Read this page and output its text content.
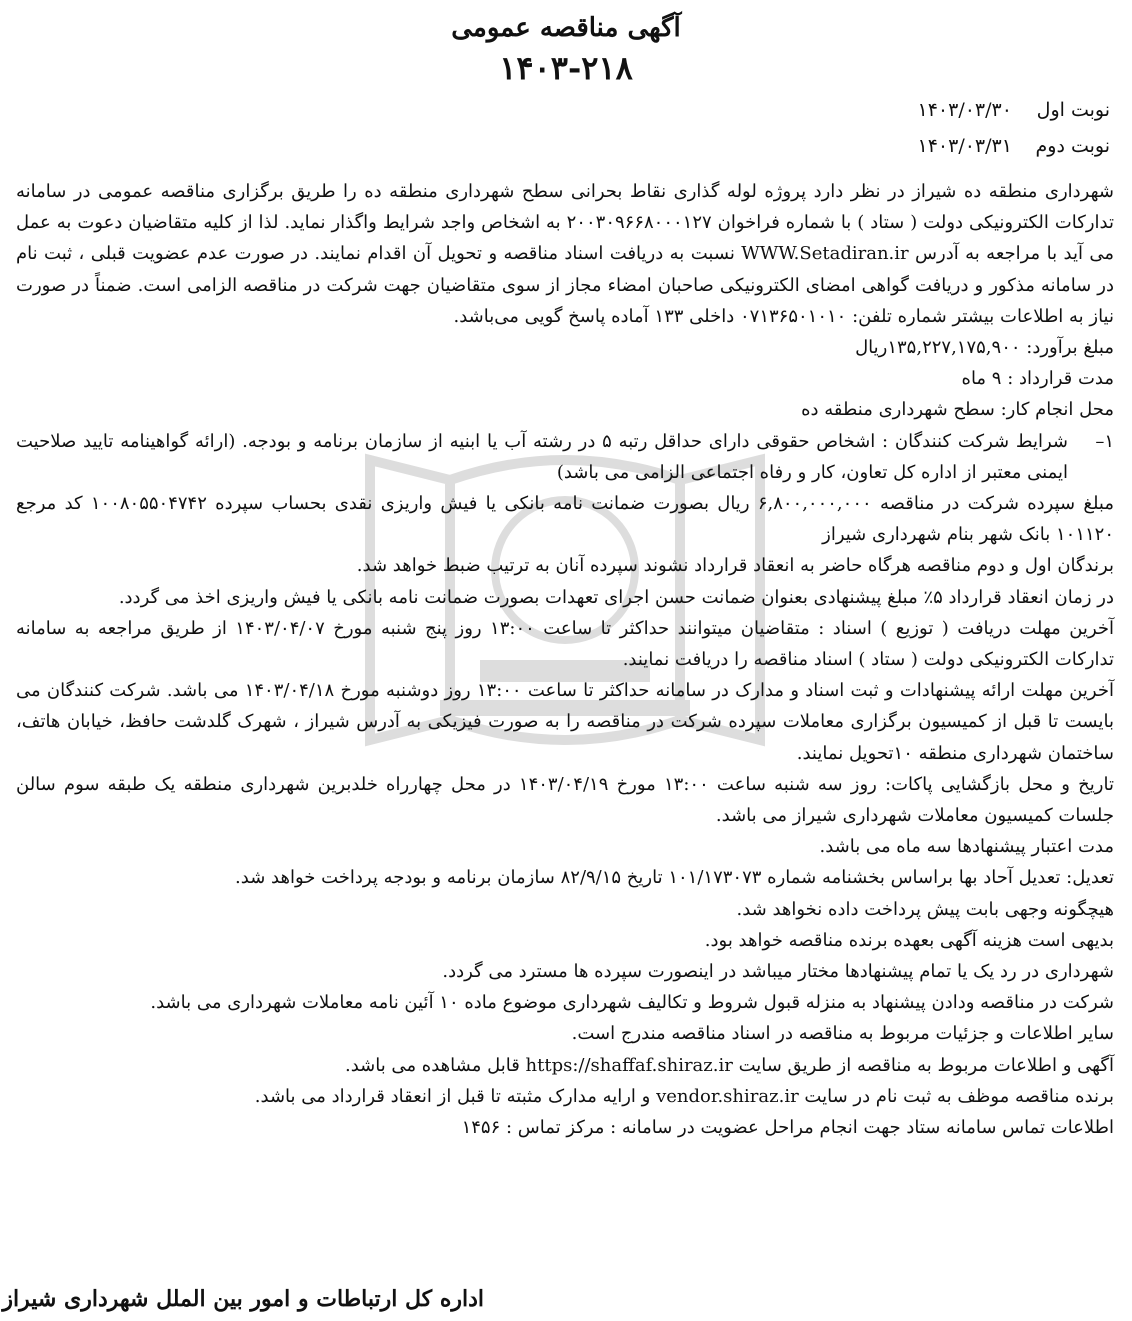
آگهی مناقصه عمومی
۱۴۰۳-۲۱۸
نوبت اول ۱۴۰۳/۰۳/۳۰
نوبت دوم ۱۴۰۳/۰۳/۳۱

شهرداری منطقه ده شیراز در نظر دارد پروژه لوله گذاری نقاط بحرانی سطح شهرداری منطقه ده را طریق برگزاری مناقصه عمومی در سامانه تدارکات الکترونیکی دولت ( ستاد ) با شماره فراخوان ۲۰۰۳۰۹۶۶۸۰۰۰۱۲۷ به اشخاص واجد شرایط واگذار نماید. لذا از کلیه متقاضیان دعوت به عمل می آید با مراجعه به آدرس WWW.Setadiran.ir نسبت به دریافت اسناد مناقصه و تحویل آن اقدام نمایند. در صورت عدم عضویت قبلی ، ثبت نام در سامانه مذکور و دریافت گواهی امضای الکترونیکی صاحبان امضاء مجاز از سوی متقاضیان جهت شرکت در مناقصه الزامی است. ضمناً در صورت نیاز به اطلاعات بیشتر شماره تلفن: ۰۷۱۳۶۵۰۱۰۱۰ داخلی ۱۳۳ آماده پاسخ گویی می‌باشد.

مبلغ برآورد: ۱۳۵,۲۲۷,۱۷۵,۹۰۰ریال

مدت قرارداد : ۹ ماه

محل انجام کار: سطح شهرداری منطقه ده

۱–
شرایط شرکت کنندگان : اشخاص حقوقی دارای حداقل رتبه ۵ در رشته آب یا ابنیه از سازمان برنامه و بودجه. (ارائه گواهینامه تایید صلاحیت ایمنی معتبر از اداره کل تعاون، کار و رفاه اجتماعی الزامی می باشد)

مبلغ سپرده شرکت در مناقصه ۶,۸۰۰,۰۰۰,۰۰۰ ریال بصورت ضمانت نامه بانکی یا فیش واریزی نقدی بحساب سپرده ۱۰۰۸۰۵۵۰۴۷۴۲ کد مرجع ۱۰۱۱۲۰ بانک شهر بنام شهرداری شیراز

برندگان اول و دوم مناقصه هرگاه حاضر به انعقاد قرارداد نشوند سپرده آنان به ترتیب ضبط خواهد شد.

در زمان انعقاد قرارداد ۵٪ مبلغ پیشنهادی بعنوان ضمانت حسن اجرای تعهدات بصورت ضمانت نامه بانکی یا فیش واریزی اخذ می گردد.

آخرین مهلت دریافت ( توزیع ) اسناد : متقاضیان میتوانند حداکثر تا ساعت ۱۳:۰۰ روز پنج شنبه مورخ ۱۴۰۳/۰۴/۰۷ از طریق مراجعه به سامانه تدارکات الکترونیکی دولت ( ستاد ) اسناد مناقصه را دریافت نمایند.

آخرین مهلت ارائه پیشنهادات و ثبت اسناد و مدارک در سامانه حداکثر تا ساعت ۱۳:۰۰ روز دوشنبه مورخ ۱۴۰۳/۰۴/۱۸ می باشد. شرکت کنندگان می بایست تا قبل از کمیسیون برگزاری معاملات سپرده شرکت در مناقصه را به صورت فیزیکی به آدرس شیراز ، شهرک گلدشت حافظ، خیابان هاتف، ساختمان شهرداری منطقه ۱۰تحویل نمایند.

تاریخ و محل بازگشایی پاکات: روز سه شنبه ساعت ۱۳:۰۰ مورخ ۱۴۰۳/۰۴/۱۹ در محل چهارراه خلدبرین شهرداری منطقه یک طبقه سوم سالن جلسات کمیسیون معاملات شهرداری شیراز می باشد.

مدت اعتبار پیشنهادها سه ماه می باشد.

تعدیل: تعدیل آحاد بها براساس بخشنامه شماره ۱۰۱/۱۷۳۰۷۳ تاریخ ۸۲/۹/۱۵ سازمان برنامه و بودجه پرداخت خواهد شد.

هیچگونه وجهی بابت پیش پرداخت داده نخواهد شد.

بدیهی است هزینه آگهی بعهده برنده مناقصه خواهد بود.

شهرداری در رد یک یا تمام پیشنهادها مختار میباشد در اینصورت سپرده ها مسترد می گردد.

شرکت در مناقصه ودادن پیشنهاد به منزله قبول شروط و تکالیف شهرداری موضوع ماده ۱۰ آئین نامه معاملات شهرداری می باشد.

سایر اطلاعات و جزئیات مربوط به مناقصه در اسناد مناقصه مندرج است.

آگهی و اطلاعات مربوط به مناقصه از طریق سایت https://shaffaf.shiraz.ir قابل مشاهده می باشد.

برنده مناقصه موظف به ثبت نام در سایت vendor.shiraz.ir و ارایه مدارک مثبته تا قبل از انعقاد قرارداد می باشد.

اطلاعات تماس سامانه ستاد جهت انجام مراحل عضویت در سامانه : مرکز تماس : ۱۴۵۶

اداره کل ارتباطات و امور بین الملل شهرداری شیراز
